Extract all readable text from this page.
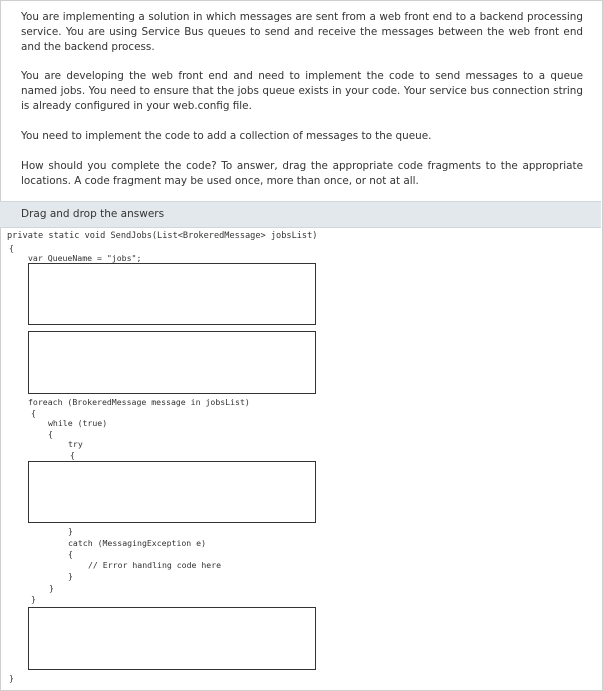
You are implementing a solution in which messages are sent from a web front end to a backend processing service. You are using Service Bus queues to send and receive the messages between the web front end and the backend process.

You are developing the web front end and need to implement the code to send messages to a queue named jobs. You need to ensure that the jobs queue exists in your code. Your service bus connection string is already configured in your web.config file.

You need to implement the code to add a collection of messages to the queue.

How should you complete the code? To answer, drag the appropriate code fragments to the appropriate locations. A code fragment may be used once, more than once, or not at all.

Drag and drop the answers
private static void SendJobs(List<BrokeredMessage> jobsList)
{
var QueueName = "jobs";
foreach (BrokeredMessage message in jobsList)
{
while (true)
{
try
{
}
catch (MessagingException e)
{
// Error handling code here
}
}
}
}
